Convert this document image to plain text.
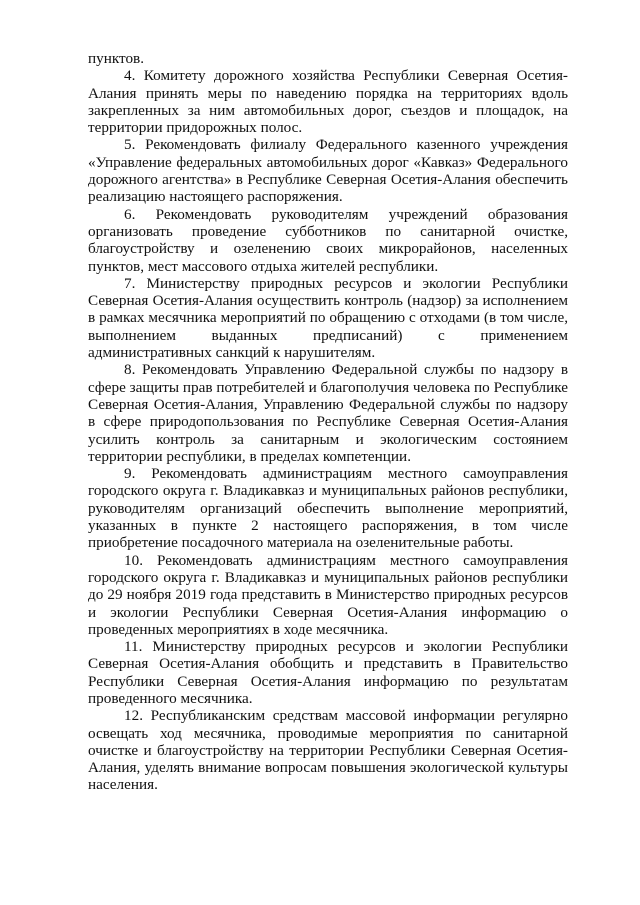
пунктов.

4. Комитету дорожного хозяйства Республики Северная Осетия-Алания принять меры по наведению порядка на территориях вдоль закрепленных за ним автомобильных дорог, съездов и площадок, на территории придорожных полос.

5. Рекомендовать филиалу Федерального казенного учреждения «Управление федеральных автомобильных дорог «Кавказ» Федерального дорожного агентства» в Республике Северная Осетия-Алания обеспечить реализацию настоящего распоряжения.

6. Рекомендовать руководителям учреждений образования организовать проведение субботников по санитарной очистке, благоустройству и озеленению своих микрорайонов, населенных пунктов, мест массового отдыха жителей республики.

7. Министерству природных ресурсов и экологии Республики Северная Осетия-Алания осуществить контроль (надзор) за исполнением в рамках месячника мероприятий по обращению с отходами (в том числе, выполнением выданных предписаний) с применением административных санкций к нарушителям.

8. Рекомендовать Управлению Федеральной службы по надзору в сфере защиты прав потребителей и благополучия человека по Республике Северная Осетия-Алания, Управлению Федеральной службы по надзору в сфере природопользования по Республике Северная Осетия-Алания усилить контроль за санитарным и экологическим состоянием территории республики, в пределах компетенции.

9. Рекомендовать администрациям местного самоуправления городского округа г. Владикавказ и муниципальных районов республики, руководителям организаций обеспечить выполнение мероприятий, указанных в пункте 2 настоящего распоряжения, в том числе приобретение посадочного материала на озеленительные работы.

10. Рекомендовать администрациям местного самоуправления городского округа г. Владикавказ и муниципальных районов республики до 29 ноября 2019 года представить в Министерство природных ресурсов и экологии Республики Северная Осетия-Алания информацию о проведенных мероприятиях в ходе месячника.

11. Министерству природных ресурсов и экологии Республики Северная Осетия-Алания обобщить и представить в Правительство Республики Северная Осетия-Алания информацию по результатам проведенного месячника.

12. Республиканским средствам массовой информации регулярно освещать ход месячника, проводимые мероприятия по санитарной очистке и благоустройству на территории Республики Северная Осетия-Алания, уделять внимание вопросам повышения экологической культуры населения.
